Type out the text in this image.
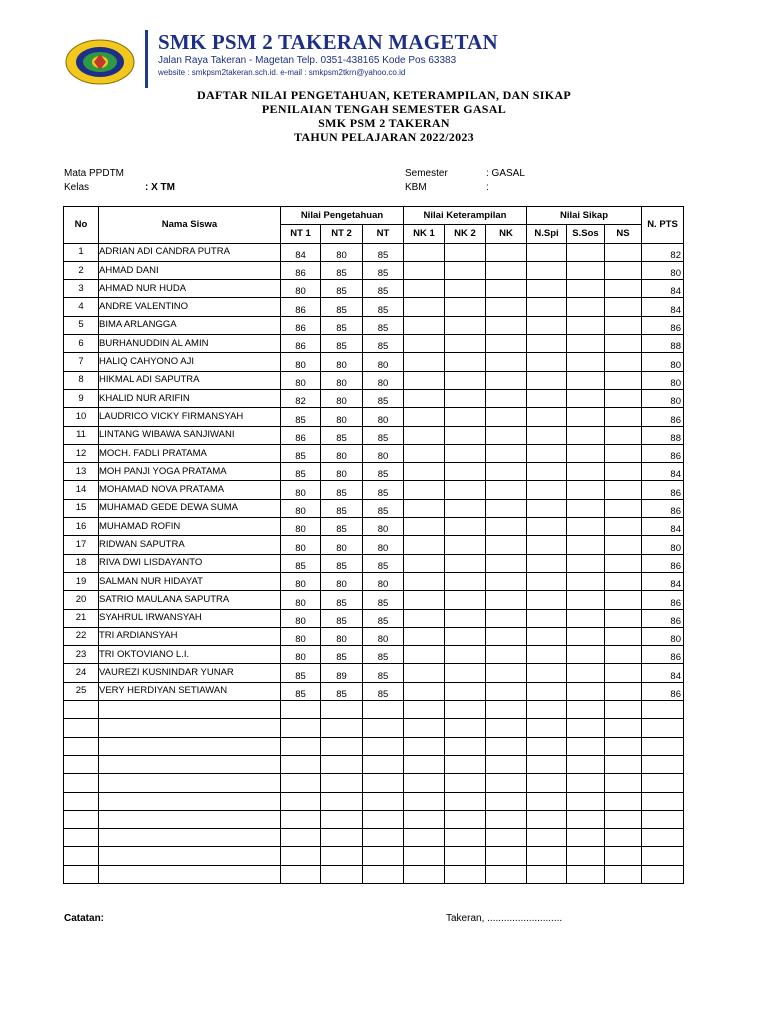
SMK PSM 2 TAKERAN MAGETAN
Jalan Raya Takeran - Magetan Telp. 0351-438165 Kode Pos 63383
website : smkpsm2takeran.sch.id. e-mail : smkpsm2tkrn@yahoo.co.id
DAFTAR NILAI PENGETAHUAN, KETERAMPILAN, DAN SIKAP
PENILAIAN TENGAH SEMESTER GASAL
SMK PSM 2 TAKERAN
TAHUN PELAJARAN 2022/2023
Mata PPDTM
Kelas	: X TM
Semester	: GASAL
KBM	:
No	Nama Siswa	Nilai Pengetahuan			Nilai Keterampilan			Nilai Sikap			N. PTS
		NT 1	NT 2	NT	NK 1	NK 2	NK	N.Spi	S.Sos	NS	
1	ADRIAN ADI CANDRA PUTRA	84	80	85							82
2	AHMAD DANI	86	85	85							80
3	AHMAD NUR HUDA	80	85	85							84
4	ANDRE VALENTINO	86	85	85							84
5	BIMA ARLANGGA	86	85	85							86
6	BURHANUDDIN AL AMIN	86	85	85							88
7	HALIQ CAHYONO AJI	80	80	80							80
8	HIKMAL ADI SAPUTRA	80	80	80							80
9	KHALID NUR ARIFIN	82	80	85							80
10	LAUDRICO VICKY FIRMANSYAH	85	80	80							86
11	LINTANG WIBAWA SANJIWANI	86	85	85							88
12	MOCH. FADLI PRATAMA	85	80	80							86
13	MOH PANJI YOGA PRATAMA	85	80	85							84
14	MOHAMAD NOVA PRATAMA	80	85	85							86
15	MUHAMAD GEDE DEWA SUMA	80	85	85							86
16	MUHAMAD ROFIN	80	85	80							84
17	RIDWAN SAPUTRA	80	80	80							80
18	RIVA DWI LISDAYANTO	85	85	85							86
19	SALMAN NUR HIDAYAT	80	80	80							84
20	SATRIO MAULANA SAPUTRA	80	85	85							86
21	SYAHRUL IRWANSYAH	80	85	85							86
22	TRI ARDIANSYAH	80	80	80							80
23	TRI OKTOVIANO L.I.	80	85	85							86
24	VAUREZI KUSNINDAR YUNAR	85	89	85							84
25	VERY HERDIYAN SETIAWAN	85	85	85							86

Catatan:	Takeran, ...........................
